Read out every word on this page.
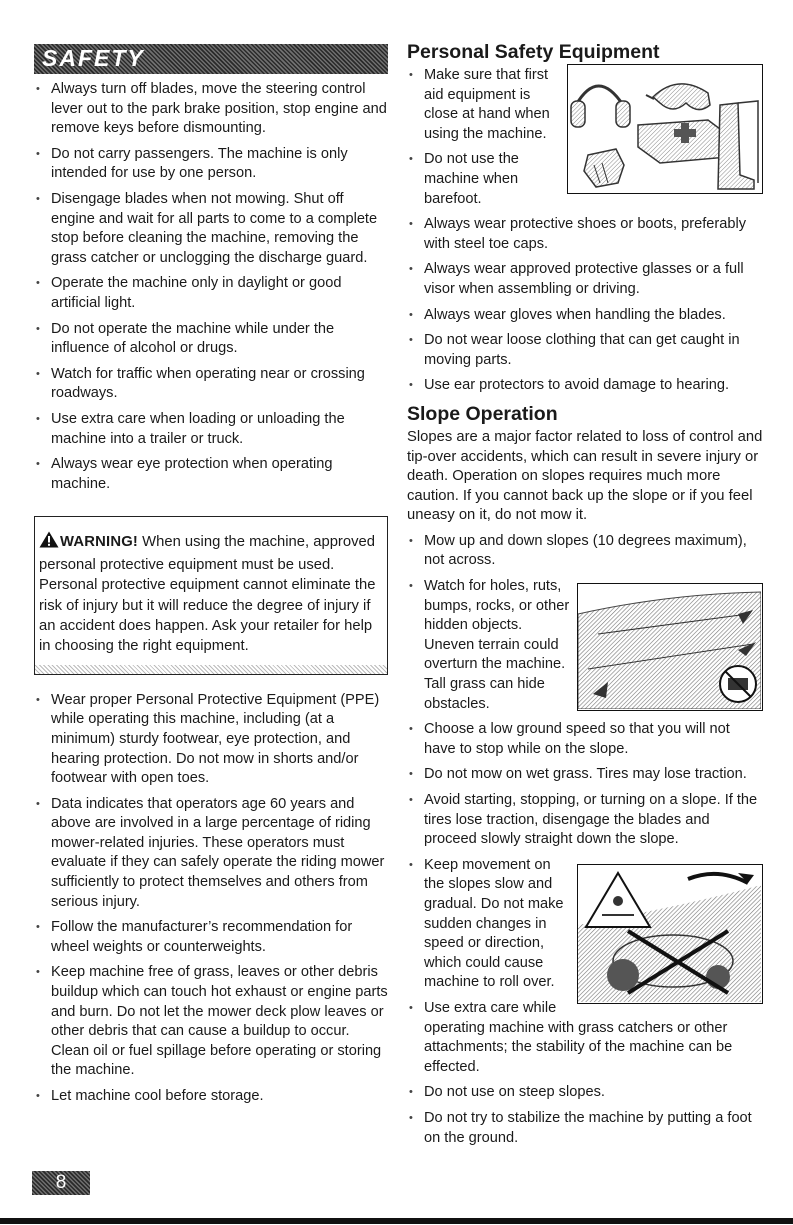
SAFETY
• Always turn off blades, move the steering control lever out to the park brake position, stop engine and remove keys before dismounting.
• Do not carry passengers. The machine is only intended for use by one person.
• Disengage blades when not mowing. Shut off engine and wait for all parts to come to a complete stop before cleaning the machine, removing the grass catcher or unclogging the discharge guard.
• Operate the machine only in daylight or good artificial light.
• Do not operate the machine while under the influence of alcohol or drugs.
• Watch for traffic when operating near or crossing roadways.
• Use extra care when loading or unloading the machine into a trailer or truck.
• Always wear eye protection when operating machine.
WARNING! When using the machine, approved personal protective equipment must be used. Personal protective equipment cannot eliminate the risk of injury but it will reduce the degree of injury if an accident does happen. Ask your retailer for help in choosing the right equipment.
• Wear proper Personal Protective Equipment (PPE) while operating this machine, including (at a minimum) sturdy footwear, eye protection, and hearing protection. Do not mow in shorts and/or footwear with open toes.
• Data indicates that operators age 60 years and above are involved in a large percentage of riding mower-related injuries. These operators must evaluate if they can safely operate the riding mower sufficiently to protect themselves and others from serious injury.
• Follow the manufacturer’s recommendation for wheel weights or counterweights.
• Keep machine free of grass, leaves or other debris buildup which can touch hot exhaust or engine parts and burn. Do not let the mower deck plow leaves or other debris that can cause a buildup to occur. Clean oil or fuel spillage before operating or storing the machine.
• Let machine cool before storage.
Personal Safety Equipment
• Make sure that first aid equipment is close at hand when using the machine.
• Do not use the machine when barefoot.
• Always wear protective shoes or boots, preferably with steel toe caps.
• Always wear approved protective glasses or a full visor when assembling or driving.
• Always wear gloves when handling the blades.
• Do not wear loose clothing that can get caught in moving parts.
• Use ear protectors to avoid damage to hearing.
Slope Operation

Slopes are a major factor related to loss of control and tip-over accidents, which can result in severe injury or death. Operation on slopes requires much more caution. If you cannot back up the slope or if you feel uneasy on it, do not mow it.

• Mow up and down slopes (10 degrees maximum), not across.
• Watch for holes, ruts, bumps, rocks, or other hidden objects. Uneven terrain could overturn the machine. Tall grass can hide obstacles.
• Choose a low ground speed so that you will not have to stop while on the slope.
• Do not mow on wet grass. Tires may lose traction.
• Avoid starting, stopping, or turning on a slope. If the tires lose traction, disengage the blades and proceed slowly straight down the slope.
• Keep movement on the slopes slow and gradual. Do not make sudden changes in speed or direction, which could cause machine to roll over.
• Use extra care while operating machine with grass catchers or other attachments; the stability of the machine can be effected.
• Do not use on steep slopes.
• Do not try to stabilize the machine by putting a foot on the ground.
8
